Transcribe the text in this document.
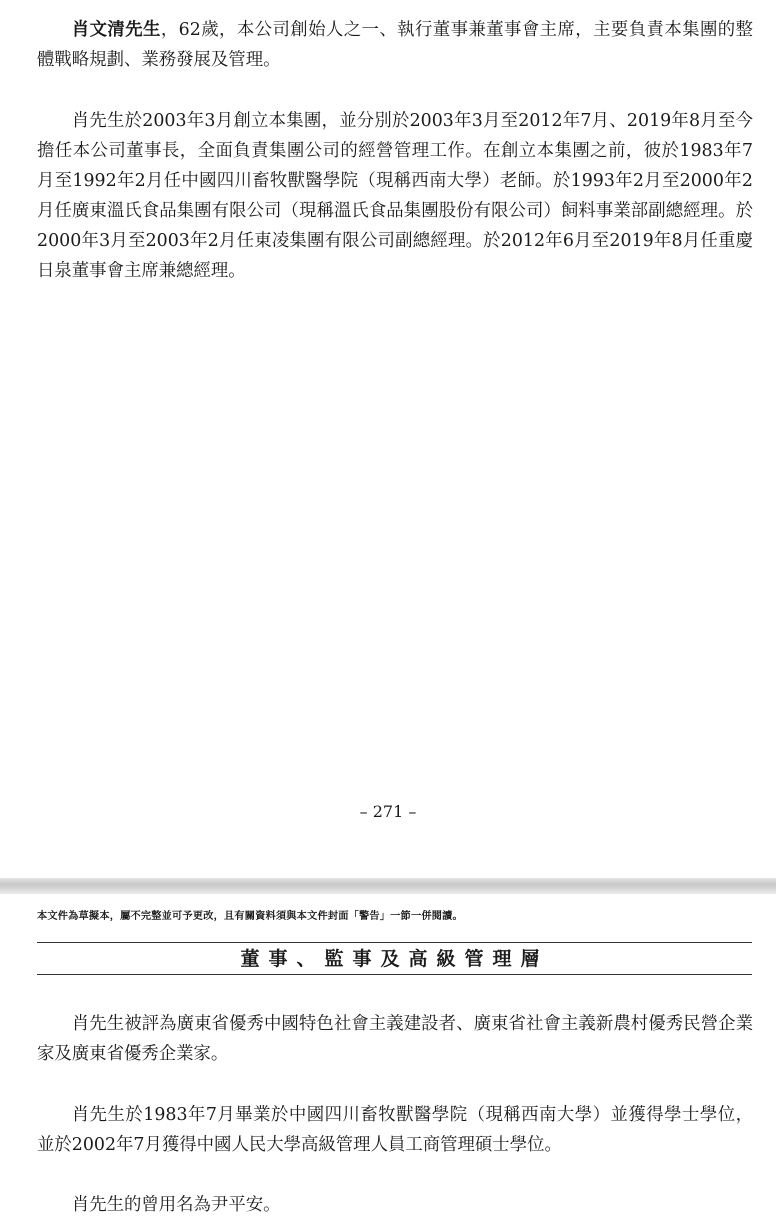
肖文清先生，62歲，本公司創始人之一、執行董事兼董事會主席，主要負責本集團的整體戰略規劃、業務發展及管理。

肖先生於2003年3月創立本集團，並分別於2003年3月至2012年7月、2019年8月至今擔任本公司董事長，全面負責集團公司的經營管理工作。在創立本集團之前，彼於1983年7月至1992年2月任中國四川畜牧獸醫學院（現稱西南大學）老師。於1993年2月至2000年2月任廣東溫氏食品集團有限公司（現稱溫氏食品集團股份有限公司）飼料事業部副總經理。於2000年3月至2003年2月任東凌集團有限公司副總經理。於2012年6月至2019年8月任重慶日泉董事會主席兼總經理。

– 271 –
本文件為草擬本，屬不完整並可予更改，且有關資料須與本文件封面「警告」一節一併閱讀。
董事、監事及高級管理層

肖先生被評為廣東省優秀中國特色社會主義建設者、廣東省社會主義新農村優秀民營企業家及廣東省優秀企業家。

肖先生於1983年7月畢業於中國四川畜牧獸醫學院（現稱西南大學）並獲得學士學位，並於2002年7月獲得中國人民大學高級管理人員工商管理碩士學位。

肖先生的曾用名為尹平安。
